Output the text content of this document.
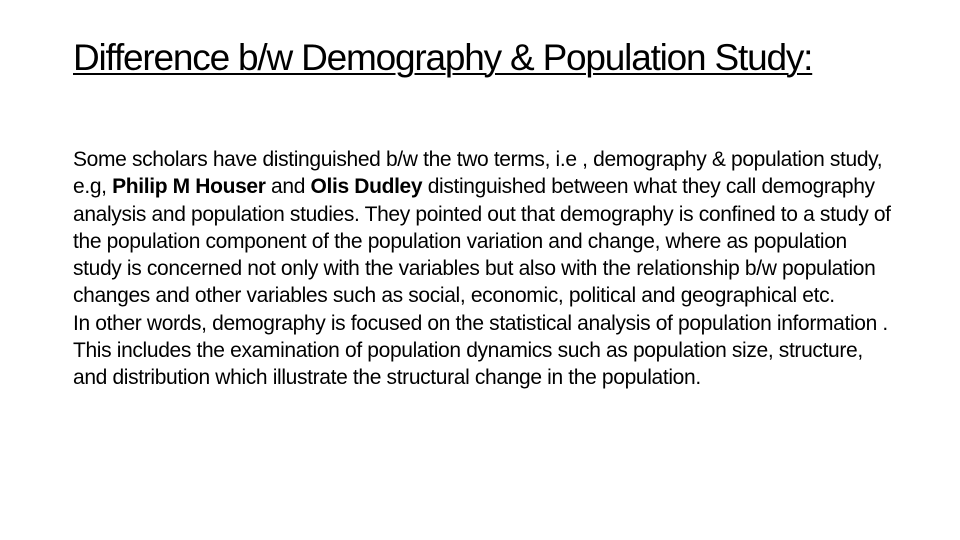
Difference b/w Demography & Population Study:

Some scholars have distinguished b/w the two terms, i.e , demography & population study, e.g, Philip M Houser and Olis Dudley distinguished between what they call demography analysis and population studies. They pointed out that demography is confined to a study of the population component of the population variation and change, where as population study is concerned not only with the variables but also with the relationship b/w population changes and other variables such as social, economic, political and geographical etc.

In other words, demography is focused on the statistical analysis of population information . This includes the examination of population dynamics such as population size, structure, and distribution which illustrate the structural change in the population.
